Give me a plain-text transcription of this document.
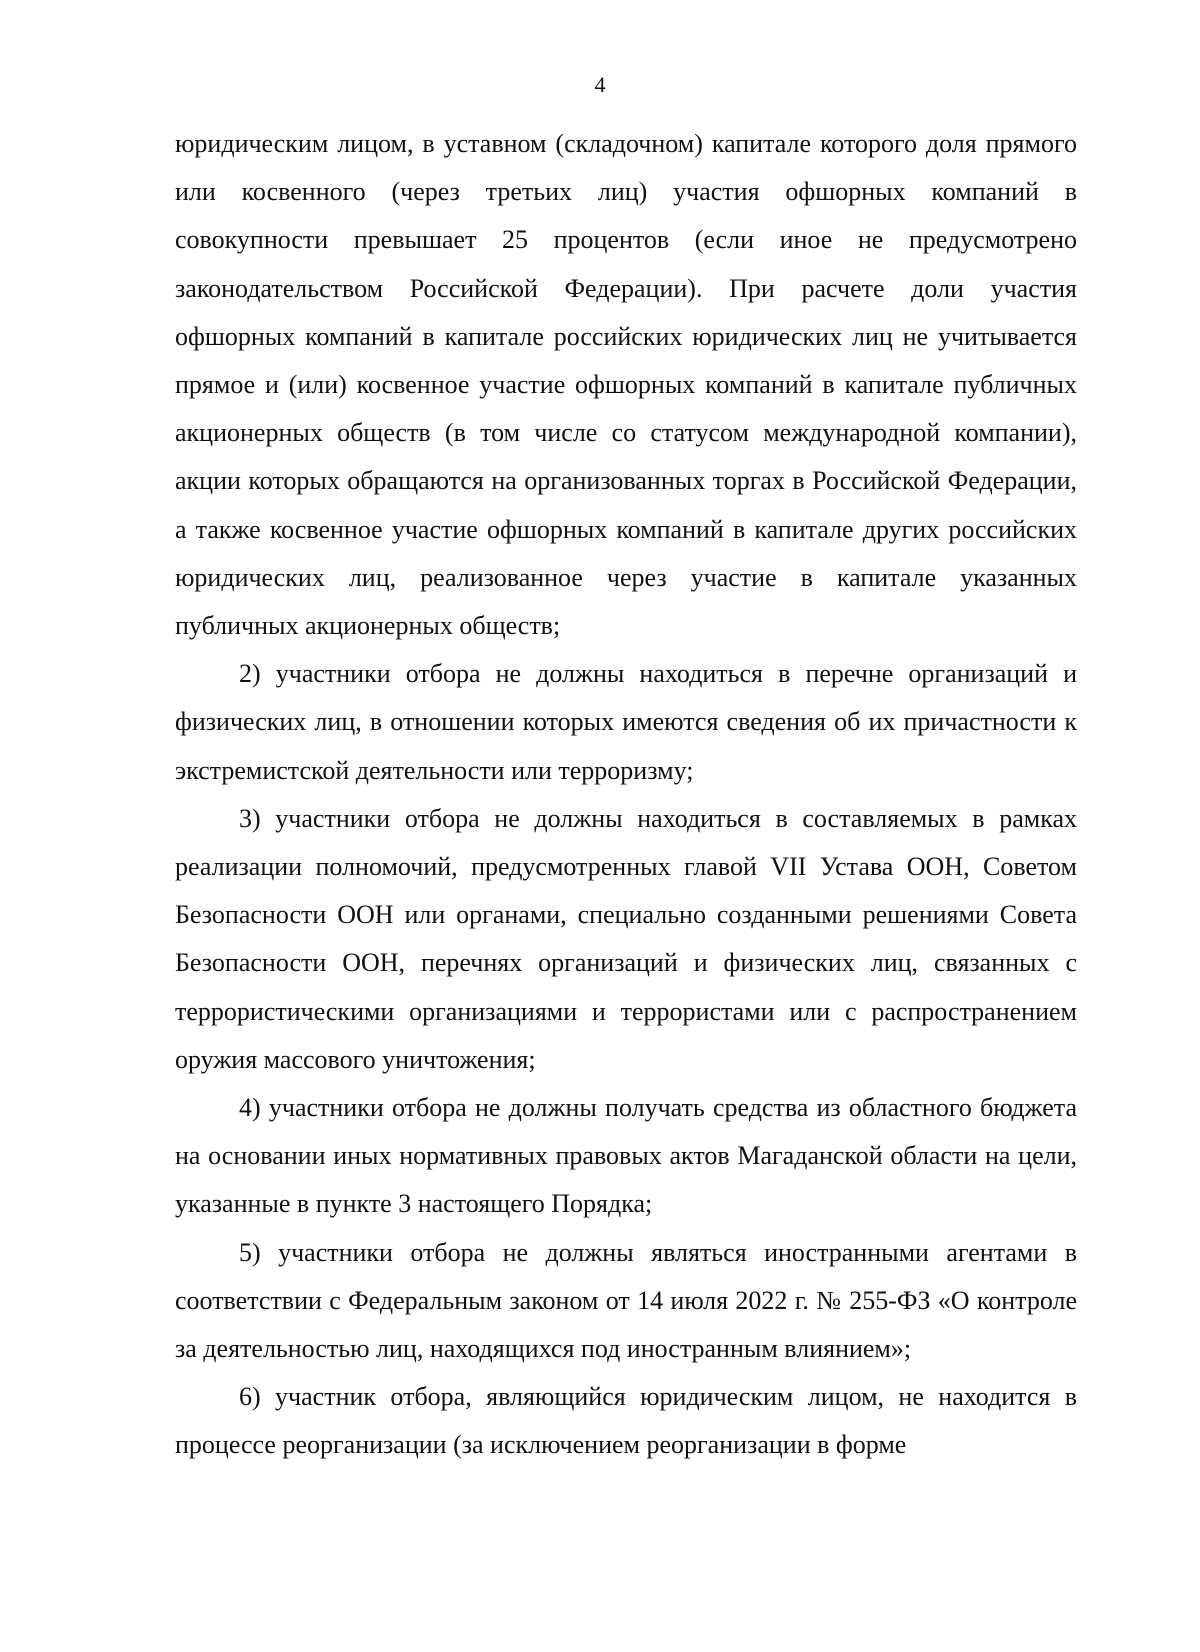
4

юридическим лицом, в уставном (складочном) капитале которого доля прямого или косвенного (через третьих лиц) участия офшорных компаний в совокупности превышает 25 процентов (если иное не предусмотрено законодательством Российской Федерации). При расчете доли участия офшорных компаний в капитале российских юридических лиц не учитывается прямое и (или) косвенное участие офшорных компаний в капитале публичных акционерных обществ (в том числе со статусом международной компании), акции которых обращаются на организованных торгах в Российской Федерации, а также косвенное участие офшорных компаний в капитале других российских юридических лиц, реализованное через участие в капитале указанных публичных акционерных обществ;

2) участники отбора не должны находиться в перечне организаций и физических лиц, в отношении которых имеются сведения об их причастности к экстремистской деятельности или терроризму;

3) участники отбора не должны находиться в составляемых в рамках реализации полномочий, предусмотренных главой VII Устава ООН, Советом Безопасности ООН или органами, специально созданными решениями Совета Безопасности ООН, перечнях организаций и физических лиц, связанных с террористическими организациями и террористами или с распространением оружия массового уничтожения;

4) участники отбора не должны получать средства из областного бюджета на основании иных нормативных правовых актов Магаданской области на цели, указанные в пункте 3 настоящего Порядка;

5) участники отбора не должны являться иностранными агентами в соответствии с Федеральным законом от 14 июля 2022 г. № 255-ФЗ «О контроле за деятельностью лиц, находящихся под иностранным влиянием»;

6) участник отбора, являющийся юридическим лицом, не находится в процессе реорганизации (за исключением реорганизации в форме
